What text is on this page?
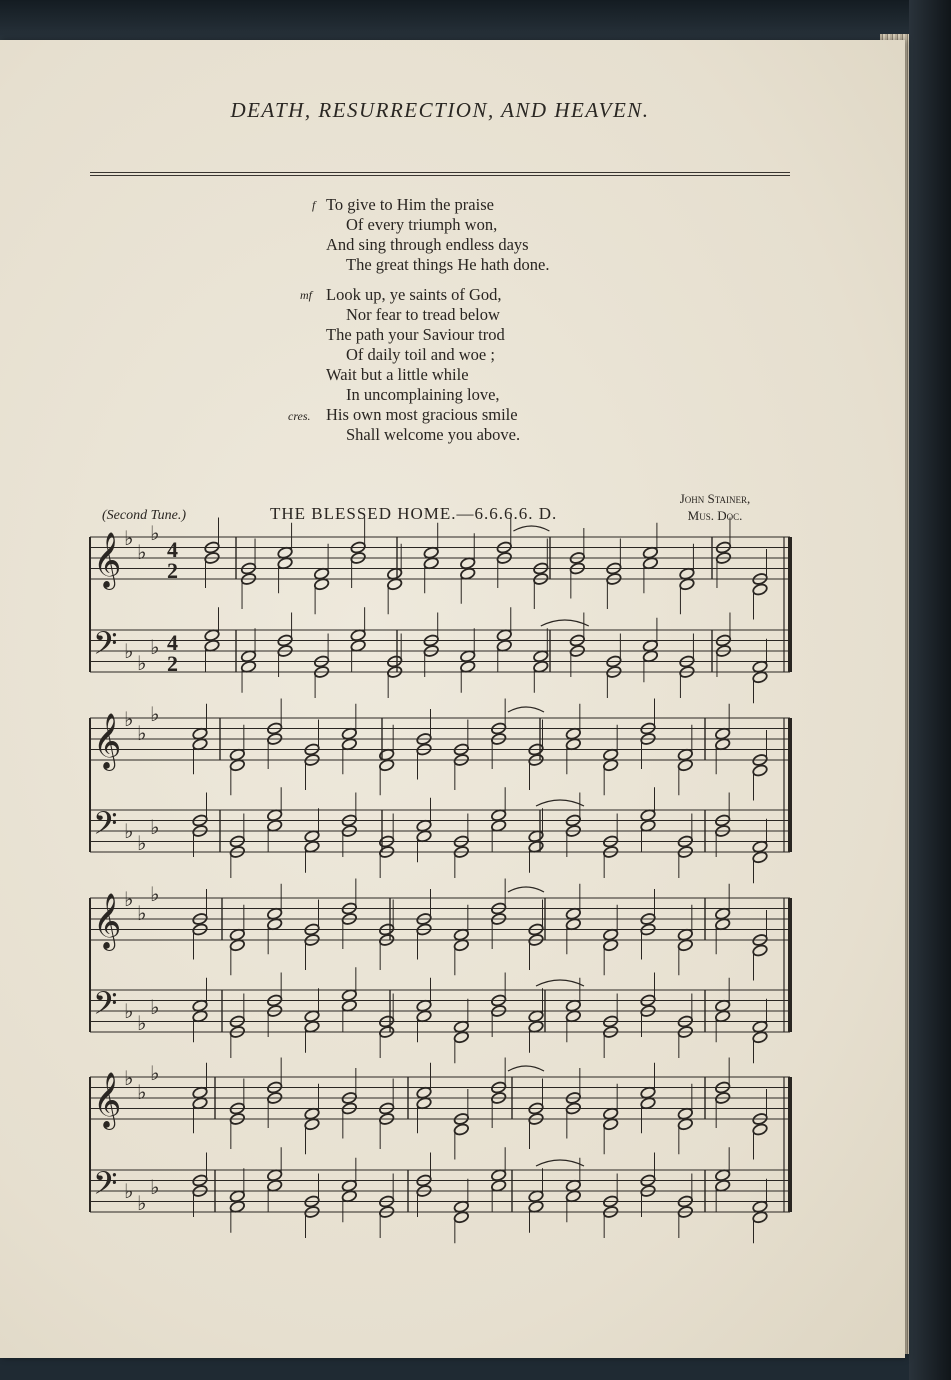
DEATH, RESURRECTION, AND HEAVEN.
f To give to Him the praise
Of every triumph won,
And sing through endless days
The great things He hath done.
mf Look up, ye saints of God,
Nor fear to tread below
The path your Saviour trod
Of daily toil and woe ;
Wait but a little while
In uncomplaining love,
cres. His own most gracious smile
Shall welcome you above.
(Second Tune.)	THE BLESSED HOME.—6.6.6.6. D.
John Stainer,
Mus. Doc.
𝄞
𝄢
♭
♭
♭
♭ ♭
♭
4
2
4
2
𝄞
𝄢
♭
♭
♭
♭ ♭
♭
𝄞
𝄢
♭
♭
♭
♭ ♭
♭
𝄞
𝄢
♭
♭
♭
♭ ♭
♭
